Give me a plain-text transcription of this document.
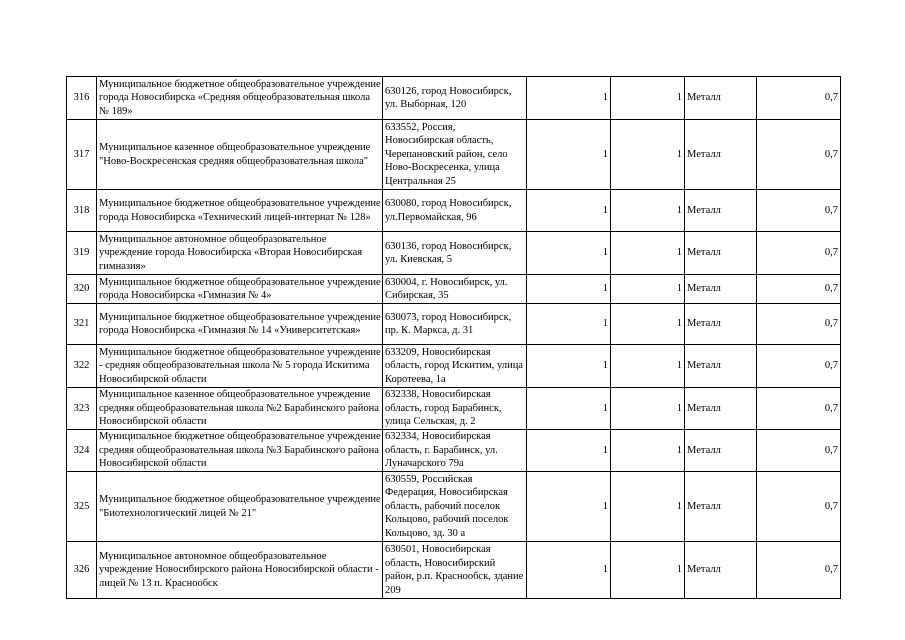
316	Муниципальное бюджетное общеобразовательное учреждение города Новосибирска «Средняя общеобразовательная школа № 189»	630126, город Новосибирск, ул. Выборная, 120	1	1	Металл	0,7
317	Муниципальное казенное общеобразовательное учреждение "Ново-Воскресенская средняя общеобразовательная школа"	633552, Россия, Новосибирская область, Черепановский район, село Ново-Воскресенка, улица Центральная 25	1	1	Металл	0,7
318	Муниципальное бюджетное общеобразовательное учреждение города Новосибирска «Технический лицей-интернат № 128»	630080, город Новосибирск, ул.Первомайская, 96	1	1	Металл	0,7
319	Муниципальное автономное общеобразовательное учреждение города Новосибирска «Вторая Новосибирская гимназия»	630136, город Новосибирск, ул. Киевская, 5	1	1	Металл	0,7
320	Муниципальное бюджетное общеобразовательное учреждение города Новосибирска «Гимназия № 4»	630004, г. Новосибирск, ул. Сибирская, 35	1	1	Металл	0,7
321	Муниципальное бюджетное общеобразовательное учреждение города Новосибирска «Гимназия № 14 «Университетская»	630073, город Новосибирск, пр. К. Маркса, д. 31	1	1	Металл	0,7
322	Муниципальное бюджетное общеобразовательное учреждение - средняя общеобразовательная школа № 5 города Искитима Новосибирской области	633209, Новосибирская область, город Искитим, улица Коротеева, 1а	1	1	Металл	0,7
323	Муниципальное казенное общеобразовательное учреждение средняя общеобразовательная школа №2 Барабинского района Новосибирской области	632338, Новосибирская область, город Барабинск, улица Сельская, д. 2	1	1	Металл	0,7
324	Муниципальное бюджетное общеобразовательное учреждение средняя общеобразовательная школа №3 Барабинского района Новосибирской области	632334, Новосибирская область, г. Барабинск, ул. Луначарского 79а	1	1	Металл	0,7
325	Муниципальное бюджетное общеобразовательное учреждение "Биотехнологический лицей № 21"	630559, Российская Федерация, Новосибирская область, рабочий поселок Кольцово, рабочий поселок Кольцово, зд. 30 а	1	1	Металл	0,7
326	Муниципальное автономное общеобразовательное учреждение Новосибирского района Новосибирской области - лицей № 13 п. Краснообск	630501, Новосибирская область, Новосибирский район, р.п. Краснообск, здание 209	1	1	Металл	0,7
